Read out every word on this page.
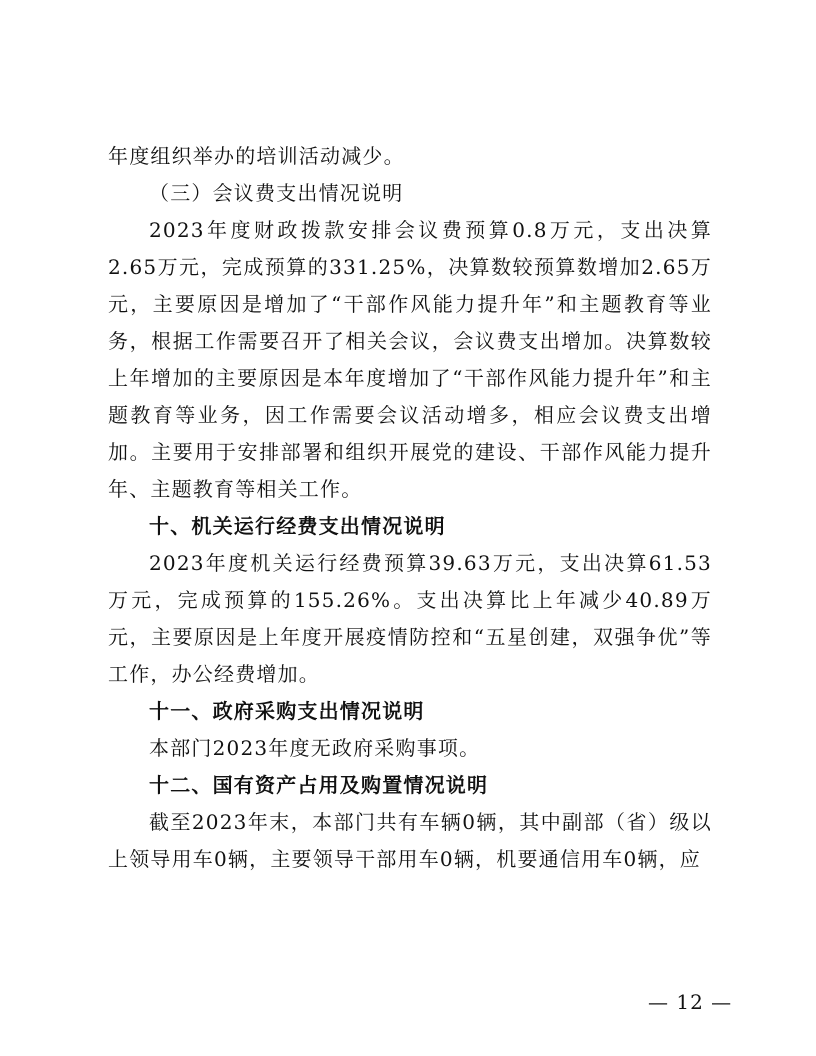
年度组织举办的培训活动减少。

（三）会议费支出情况说明

2023年度财政拨款安排会议费预算0.8万元，支出决算2.65万元，完成预算的331.25%，决算数较预算数增加2.65万元，主要原因是增加了“干部作风能力提升年”和主题教育等业务，根据工作需要召开了相关会议，会议费支出增加。决算数较上年增加的主要原因是本年度增加了“干部作风能力提升年”和主题教育等业务，因工作需要会议活动增多，相应会议费支出增加。主要用于安排部署和组织开展党的建设、干部作风能力提升年、主题教育等相关工作。

十、机关运行经费支出情况说明

2023年度机关运行经费预算39.63万元，支出决算61.53万元，完成预算的155.26%。支出决算比上年减少40.89万元，主要原因是上年度开展疫情防控和“五星创建，双强争优”等工作，办公经费增加。

十一、政府采购支出情况说明

本部门2023年度无政府采购事项。

十二、国有资产占用及购置情况说明

截至2023年末，本部门共有车辆0辆，其中副部（省）级以上领导用车0辆，主要领导干部用车0辆，机要通信用车0辆，应

— 12 —
